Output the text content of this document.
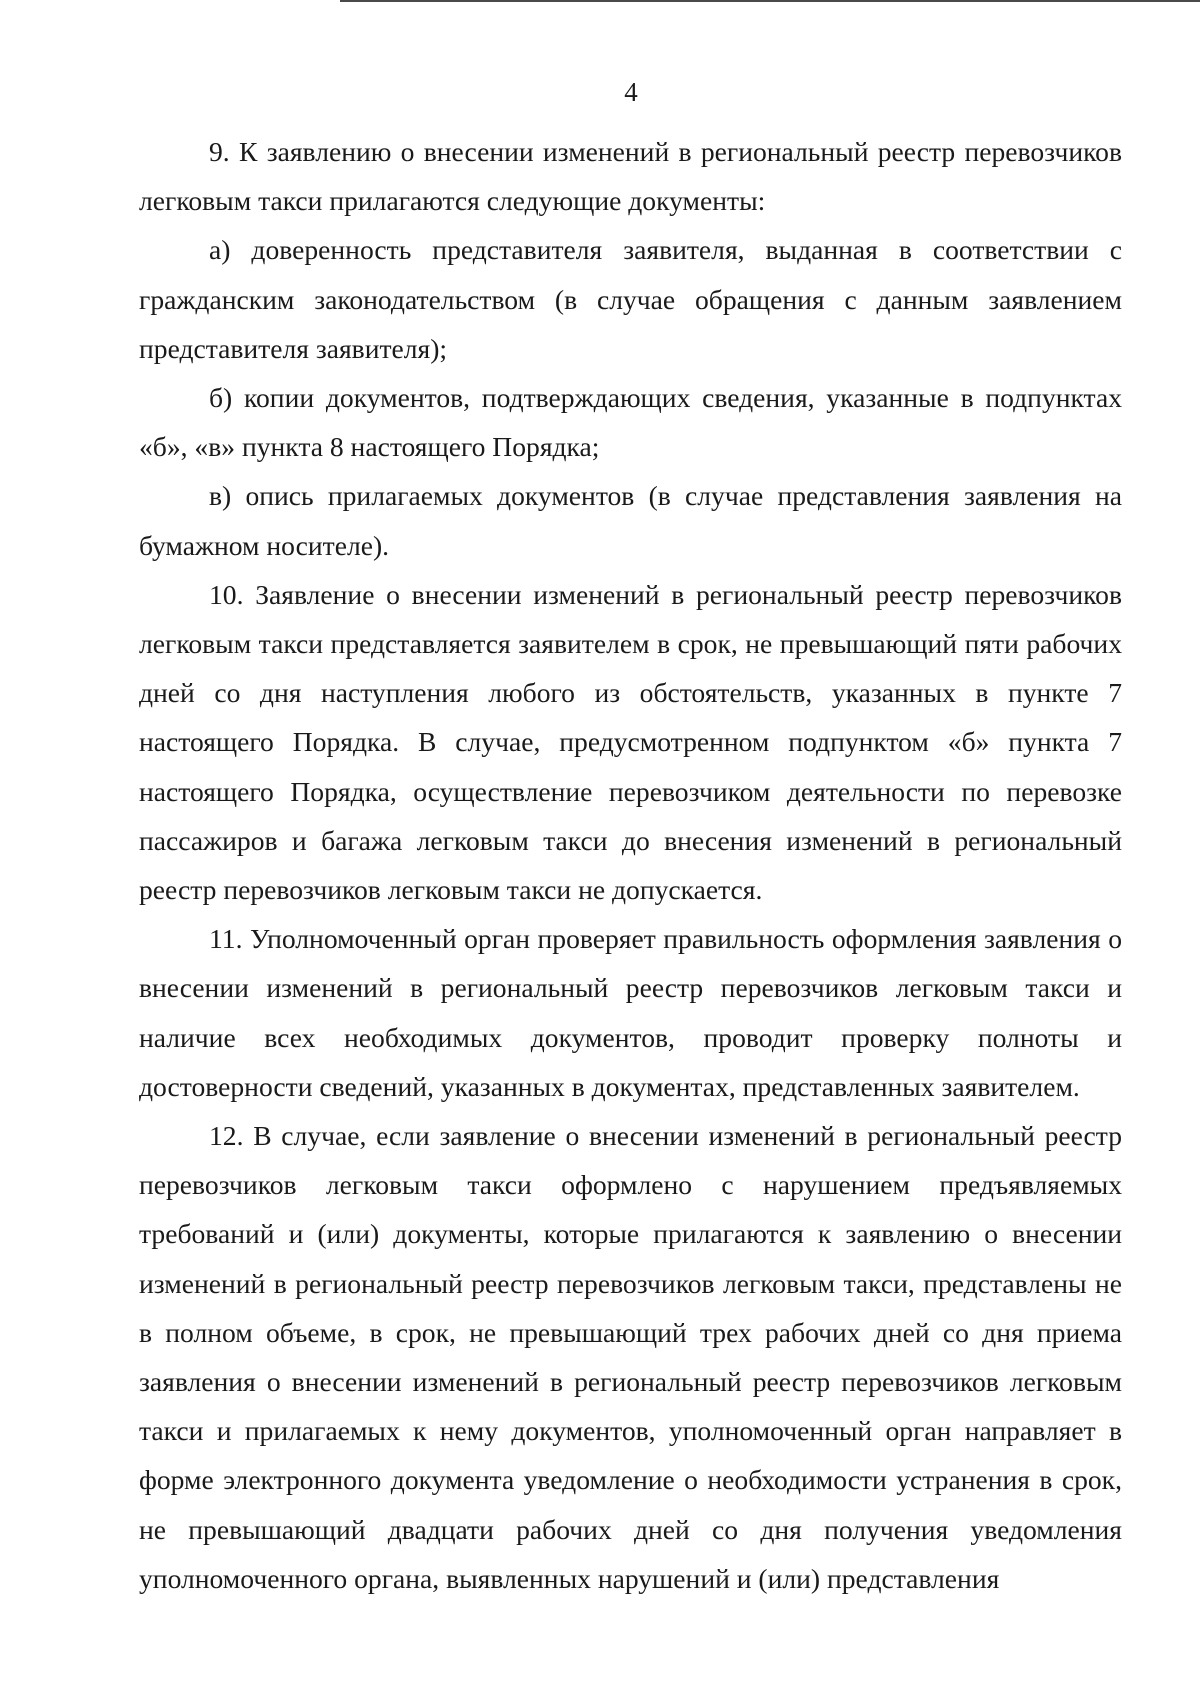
4

9. К заявлению о внесении изменений в региональный реестр перевозчиков легковым такси прилагаются следующие документы:

а) доверенность представителя заявителя, выданная в соответствии с гражданским законодательством (в случае обращения с данным заявлением представителя заявителя);

б) копии документов, подтверждающих сведения, указанные в подпунктах «б», «в» пункта 8 настоящего Порядка;

в) опись прилагаемых документов (в случае представления заявления на бумажном носителе).

10. Заявление о внесении изменений в региональный реестр перевозчиков легковым такси представляется заявителем в срок, не превышающий пяти рабочих дней со дня наступления любого из обстоятельств, указанных в пункте 7 настоящего Порядка. В случае, предусмотренном подпунктом «б» пункта 7 настоящего Порядка, осуществление перевозчиком деятельности по перевозке пассажиров и багажа легковым такси до внесения изменений в региональный реестр перевозчиков легковым такси не допускается.

11. Уполномоченный орган проверяет правильность оформления заявления о внесении изменений в региональный реестр перевозчиков легковым такси и наличие всех необходимых документов, проводит проверку полноты и достоверности сведений, указанных в документах, представленных заявителем.

12. В случае, если заявление о внесении изменений в региональный реестр перевозчиков легковым такси оформлено с нарушением предъявляемых требований и (или) документы, которые прилагаются к заявлению о внесении изменений в региональный реестр перевозчиков легковым такси, представлены не в полном объеме, в срок, не превышающий трех рабочих дней со дня приема заявления о внесении изменений в региональный реестр перевозчиков легковым такси и прилагаемых к нему документов, уполномоченный орган направляет в форме электронного документа уведомление о необходимости устранения в срок, не превышающий двадцати рабочих дней со дня получения уведомления уполномоченного органа, выявленных нарушений и (или) представления
